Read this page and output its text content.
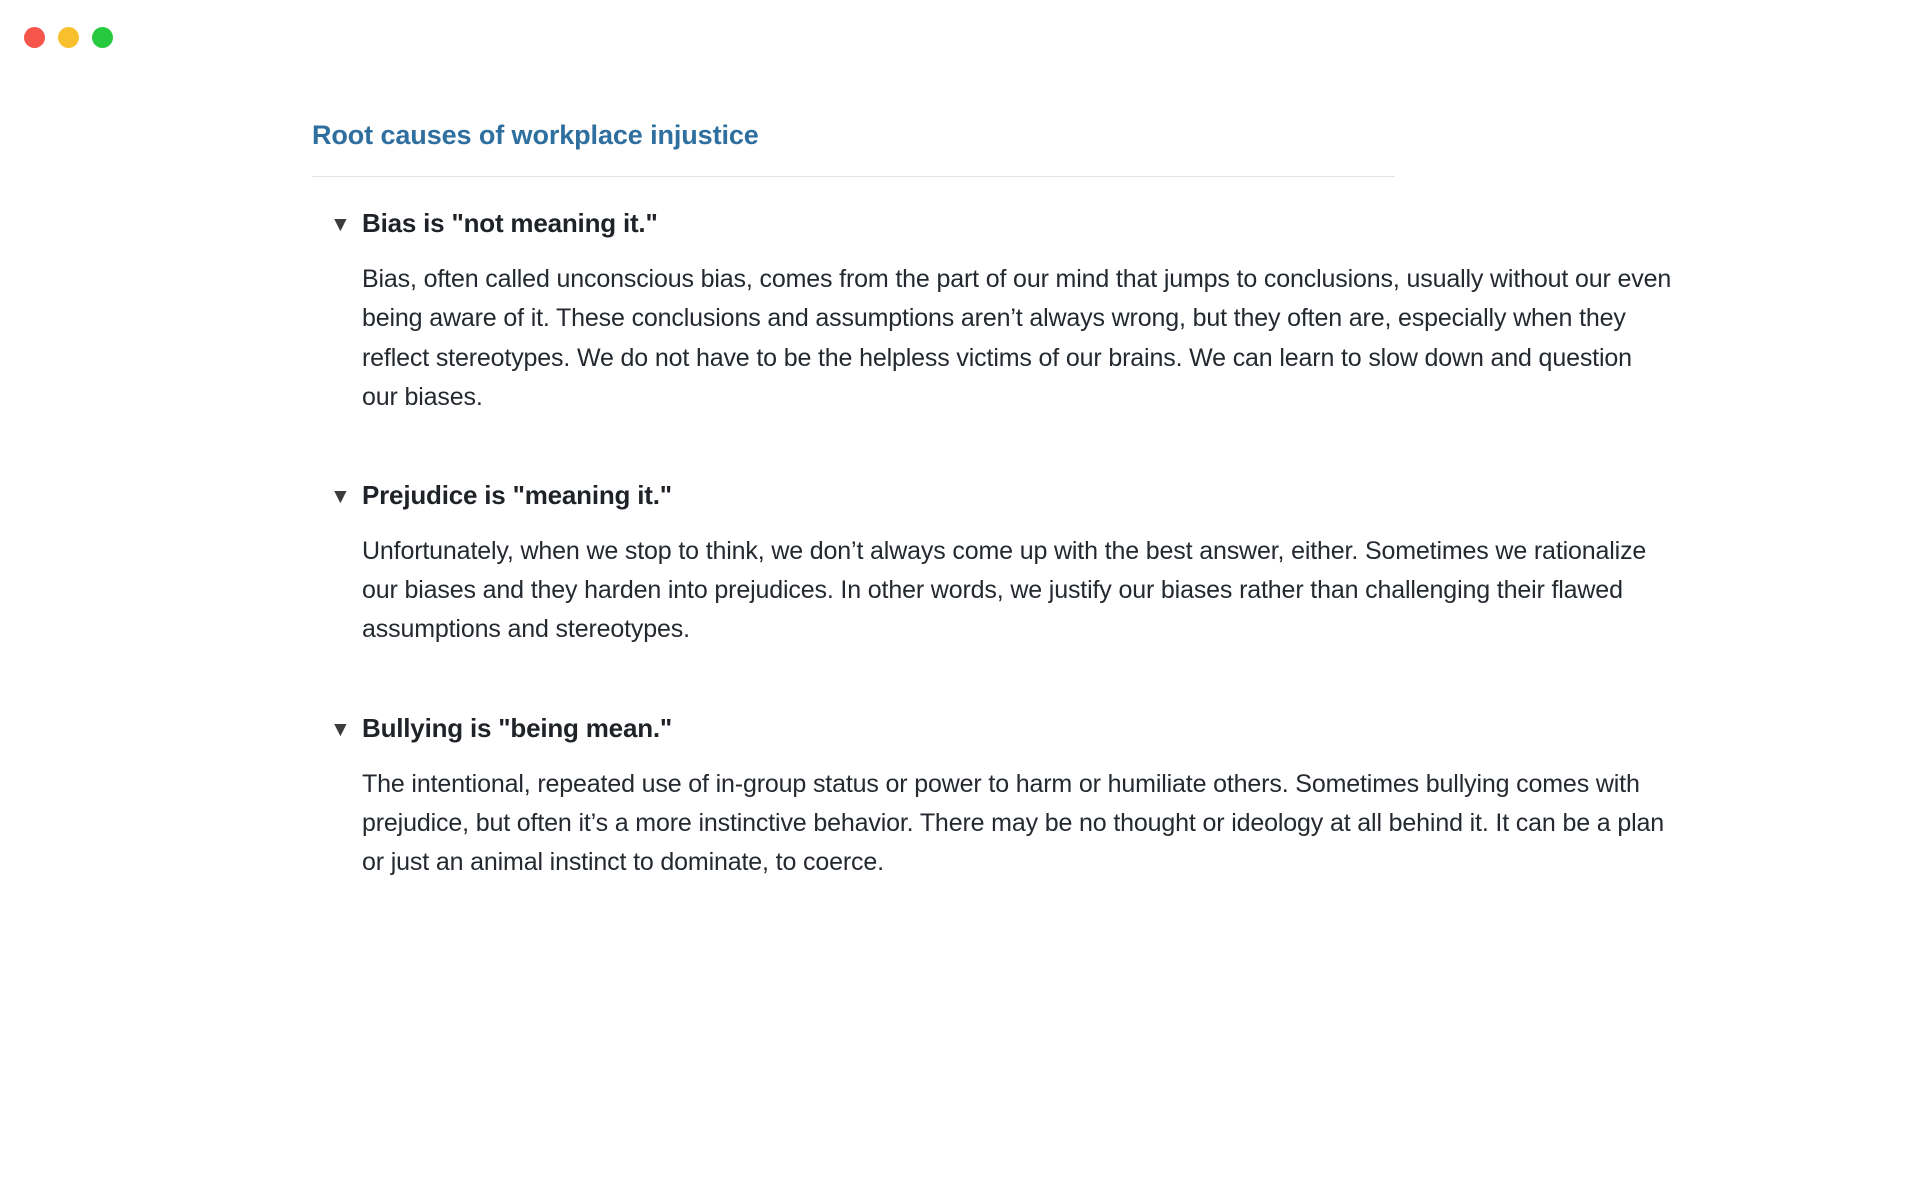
Root causes of workplace injustice
▼ Bias is "not meaning it."
Bias, often called unconscious bias, comes from the part of our mind that jumps to conclusions, usually without our even being aware of it. These conclusions and assumptions aren’t always wrong, but they often are, especially when they reflect stereotypes. We do not have to be the helpless victims of our brains. We can learn to slow down and question our biases.
▼ Prejudice is "meaning it."
Unfortunately, when we stop to think, we don’t always come up with the best answer, either. Sometimes we rationalize our biases and they harden into prejudices. In other words, we justify our biases rather than challenging their flawed assumptions and stereotypes.
▼ Bullying is "being mean."
The intentional, repeated use of in-group status or power to harm or humiliate others. Sometimes bullying comes with prejudice, but often it’s a more instinctive behavior. There may be no thought or ideology at all behind it. It can be a plan or just an animal instinct to dominate, to coerce.
